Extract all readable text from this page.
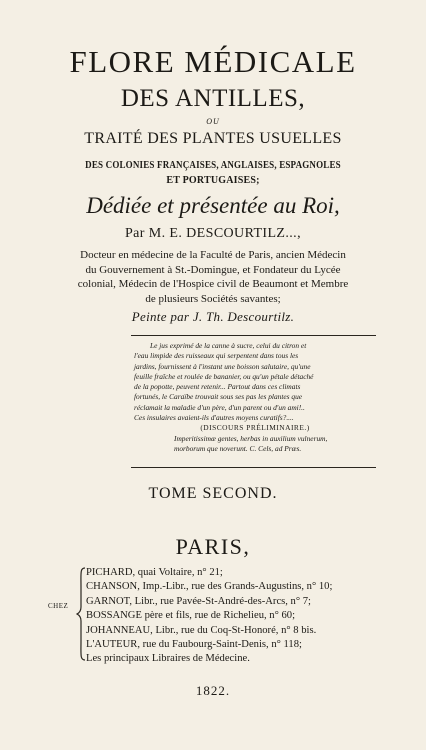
FLORE MÉDICALE
DES ANTILLES,
OU
TRAITÉ DES PLANTES USUELLES
DES COLONIES FRANÇAISES, ANGLAISES, ESPAGNOLES
ET PORTUGAISES;
Dédiée et présentée au Roi,
Par M. E. DESCOURTILZ...,
Docteur en médecine de la Faculté de Paris, ancien Médecin
du Gouvernement à St.-Domingue, et Fondateur du Lycée
colonial, Médecin de l'Hospice civil de Beaumont et Membre
de plusieurs Sociétés savantes;
Peinte par J. Th. Descourtilz.
Le jus exprimé de la canne à sucre, celui du citron et
l'eau limpide des ruisseaux qui serpentent dans tous les
jardins, fournissent à l'instant une boisson salutaire, qu'une
feuille fraîche et roulée de bananier, ou qu'un pétale détaché
de la popotte, peuvent retenir... Partout dans ces climats
fortunés, le Caraïbe trouvait sous ses pas les plantes que
réclamait la maladie d'un père, d'un parent ou d'un ami!..
Ces insulaires avaient-ils d'autres moyens curatifs?....
(DISCOURS PRÉLIMINAIRE.)
Imperitissimæ gentes, herbas in auxilium vulnerum,
morborum que noverunt. C. Cels, ad Præs.
TOME SECOND.
PARIS,
CHEZ
PICHARD, quai Voltaire, n° 21;
CHANSON, Imp.-Libr., rue des Grands-Augustins, n° 10;
GARNOT, Libr., rue Pavée-St-André-des-Arcs, n° 7;
BOSSANGE père et fils, rue de Richelieu, n° 60;
JOHANNEAU, Libr., rue du Coq-St-Honoré, n° 8 bis.
L'AUTEUR, rue du Faubourg-Saint-Denis, n° 118;
Les principaux Libraires de Médecine.
1822.
